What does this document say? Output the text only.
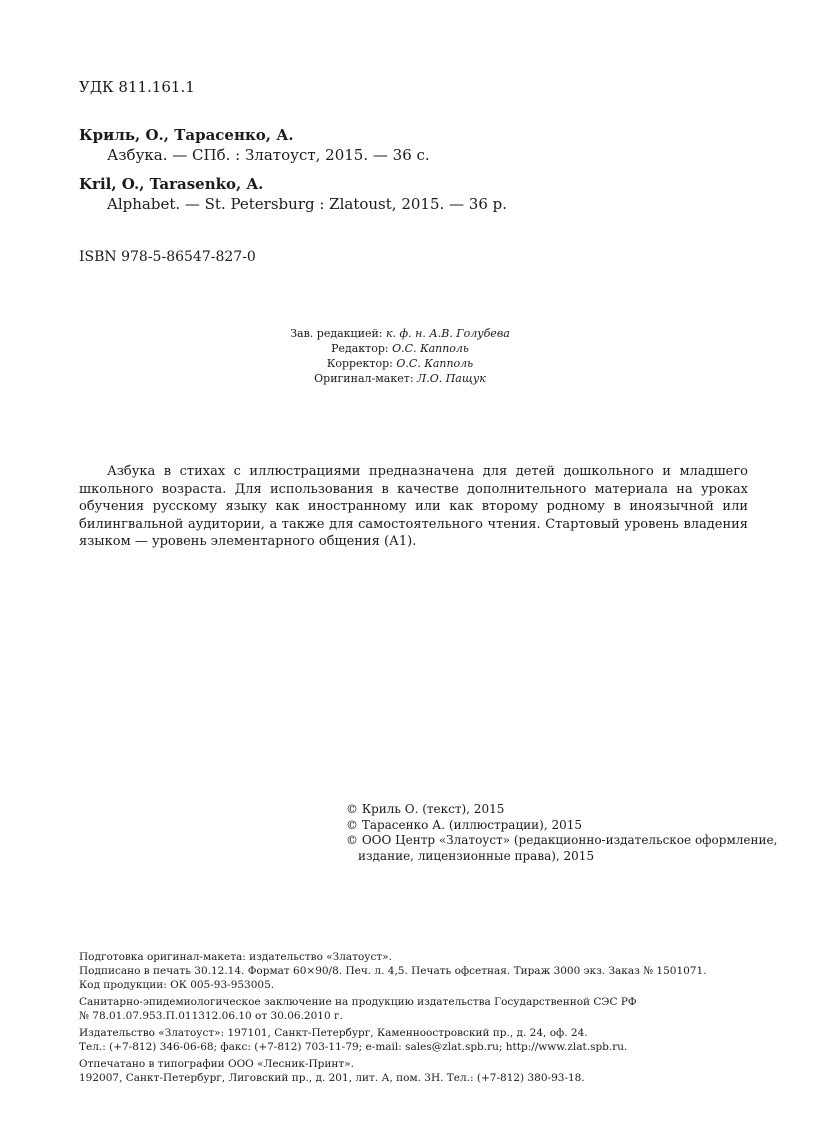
УДК 811.161.1
Криль, О., Тарасенко, А.
Азбука. — СПб. : Златоуст, 2015. — 36 с.
Kril, O., Tarasenko, A.
Alphabet. — St. Petersburg : Zlatoust, 2015. — 36 p.
ISBN 978-5-86547-827-0
Зав. редакцией: к. ф. н. А.В. Голубева
Редактор: О.С. Капполь
Корректор: О.С. Капполь
Оригинал-макет: Л.О. Пащук
Азбука в стихах с иллюстрациями предназначена для детей дошкольного и младшего школьного возраста. Для использования в качестве дополнительного материала на уроках обучения русскому языку как иностранному или как второму родному в иноязычной или билингвальной аудитории, а также для самостоятельного чтения. Стартовый уровень владения языком — уровень элементарного общения (А1).
© Криль О. (текст), 2015
© Тарасенко А. (иллюстрации), 2015
© ООО Центр «Златоуст» (редакционно-издательское оформление,
издание, лицензионные права), 2015
Подготовка оригинал-макета: издательство «Златоуст».
Подписано в печать 30.12.14. Формат 60×90/8. Печ. л. 4,5. Печать офсетная. Тираж 3000 экз. Заказ № 1501071.
Код продукции: ОК 005-93-953005.
Санитарно-эпидемиологическое заключение на продукцию издательства Государственной СЭС РФ
№ 78.01.07.953.П.011312.06.10 от 30.06.2010 г.
Издательство «Златоуст»: 197101, Санкт-Петербург, Каменноостровский пр., д. 24, оф. 24.
Тел.: (+7-812) 346-06-68; факс: (+7-812) 703-11-79; e-mail: sales@zlat.spb.ru; http://www.zlat.spb.ru.
Отпечатано в типографии ООО «Лесник-Принт».
192007, Санкт-Петербург, Лиговский пр., д. 201, лит. А, пом. 3Н. Тел.: (+7-812) 380-93-18.
